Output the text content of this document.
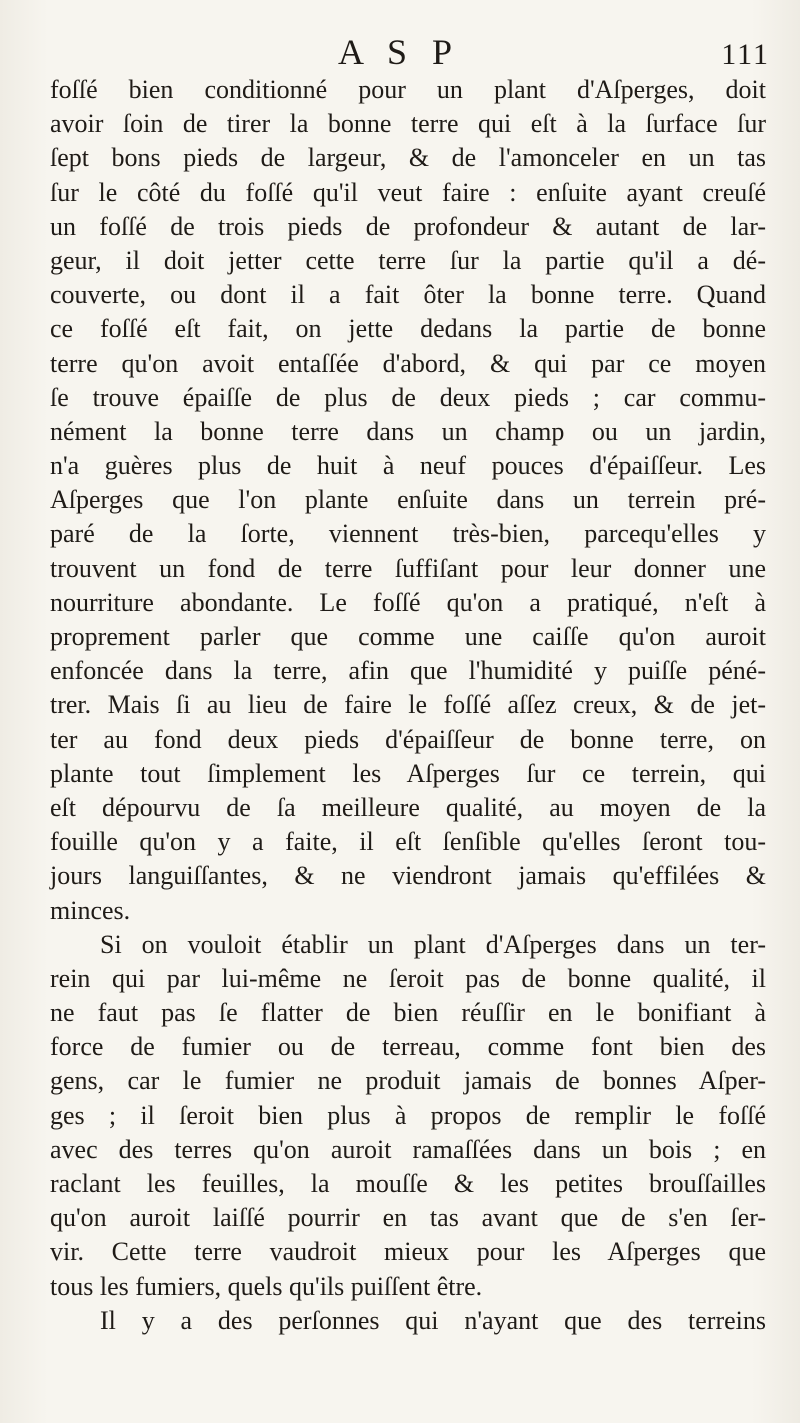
A S P	111
foſſé bien conditionné pour un plant d'Aſperges, doit
avoir ſoin de tirer la bonne terre qui eſt à la ſurface ſur
ſept bons pieds de largeur, & de l'amonceler en un tas
ſur le côté du foſſé qu'il veut faire : enſuite ayant creuſé
un foſſé de trois pieds de profondeur & autant de lar-
geur, il doit jetter cette terre ſur la partie qu'il a dé-
couverte, ou dont il a fait ôter la bonne terre. Quand
ce foſſé eſt fait, on jette dedans la partie de bonne
terre qu'on avoit entaſſée d'abord, & qui par ce moyen
ſe trouve épaiſſe de plus de deux pieds ; car commu-
nément la bonne terre dans un champ ou un jardin,
n'a guères plus de huit à neuf pouces d'épaiſſeur. Les
Aſperges que l'on plante enſuite dans un terrein pré-
paré de la ſorte, viennent très-bien, parcequ'elles y
trouvent un fond de terre ſuffiſant pour leur donner une
nourriture abondante. Le foſſé qu'on a pratiqué, n'eſt à
proprement parler que comme une caiſſe qu'on auroit
enfoncée dans la terre, afin que l'humidité y puiſſe péné-
trer. Mais ſi au lieu de faire le foſſé aſſez creux, & de jet-
ter au fond deux pieds d'épaiſſeur de bonne terre, on
plante tout ſimplement les Aſperges ſur ce terrein, qui
eſt dépourvu de ſa meilleure qualité, au moyen de la
fouille qu'on y a faite, il eſt ſenſible qu'elles ſeront tou-
jours languiſſantes, & ne viendront jamais qu'effilées &
minces.
Si on vouloit établir un plant d'Aſperges dans un ter-
rein qui par lui-même ne ſeroit pas de bonne qualité, il
ne faut pas ſe flatter de bien réuſſir en le bonifiant à
force de fumier ou de terreau, comme font bien des
gens, car le fumier ne produit jamais de bonnes Aſper-
ges ; il ſeroit bien plus à propos de remplir le foſſé
avec des terres qu'on auroit ramaſſées dans un bois ; en
raclant les feuilles, la mouſſe & les petites brouſſailles
qu'on auroit laiſſé pourrir en tas avant que de s'en ſer-
vir. Cette terre vaudroit mieux pour les Aſperges que
tous les fumiers, quels qu'ils puiſſent être.
Il y a des perſonnes qui n'ayant que des terreins
